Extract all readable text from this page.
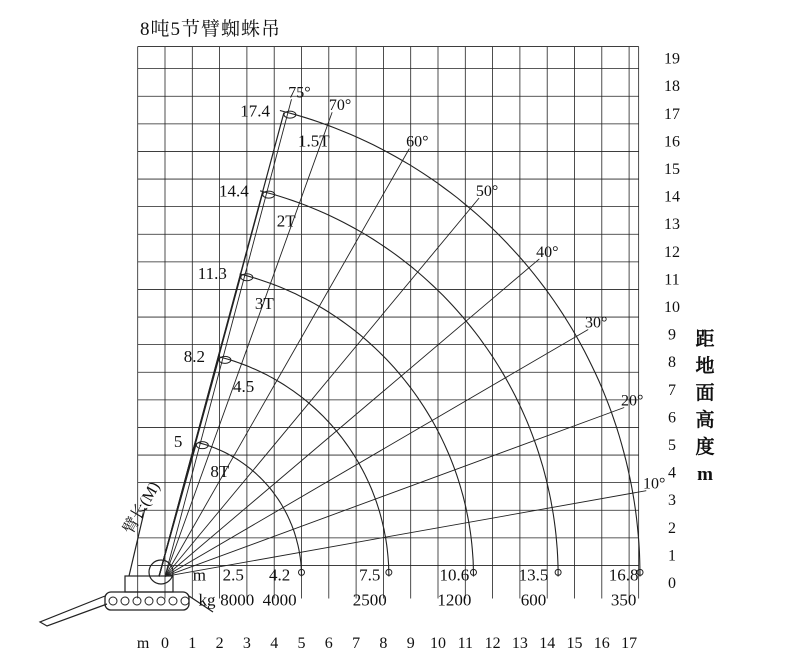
8吨5节臂蜘蛛吊
距
地
面
高
度
m
m 0 1 2 3 4 5 6 7 8 9 10 11 12 13 14 15 16 17
0
1
2
3
4
5
6
7
8
9
10
11
12
13
14
15
16
17
18
19
10°
20°
30°
40°
50°
60°
70°
75°
5
8.2
11.3
14.4
17.4
臂长(M)
8T
4.5
3T
2T
1.5T
m
kg
2.5
8000
4.2
4000
7.5
2500
10.6
1200
13.5
600
16.8
350
